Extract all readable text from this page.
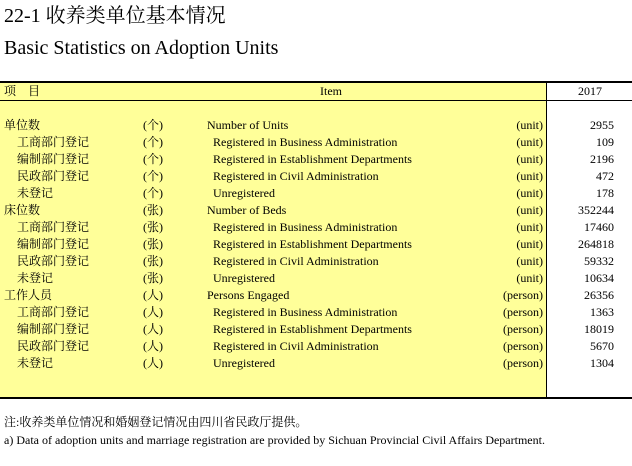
22-1 收养类单位基本情况
Basic Statistics on Adoption Units
项　目	Item	2017
单位数	(个)	Number of Units	(unit)	2955
工商部门登记	(个)	Registered in Business Administration	(unit)	109
编制部门登记	(个)	Registered in Establishment Departments	(unit)	2196
民政部门登记	(个)	Registered in Civil Administration	(unit)	472
未登记	(个)	Unregistered	(unit)	178
床位数	(张)	Number of Beds	(unit)	352244
工商部门登记	(张)	Registered in Business Administration	(unit)	17460
编制部门登记	(张)	Registered in Establishment Departments	(unit)	264818
民政部门登记	(张)	Registered in Civil Administration	(unit)	59332
未登记	(张)	Unregistered	(unit)	10634
工作人员	(人)	Persons Engaged	(person)	26356
工商部门登记	(人)	Registered in Business Administration	(person)	1363
编制部门登记	(人)	Registered in Establishment Departments	(person)	18019
民政部门登记	(人)	Registered in Civil Administration	(person)	5670
未登记	(人)	Unregistered	(person)	1304
注:收养类单位情况和婚姻登记情况由四川省民政厅提供。
a) Data of adoption units and marriage registration are provided by Sichuan Provincial Civil Affairs Department.
